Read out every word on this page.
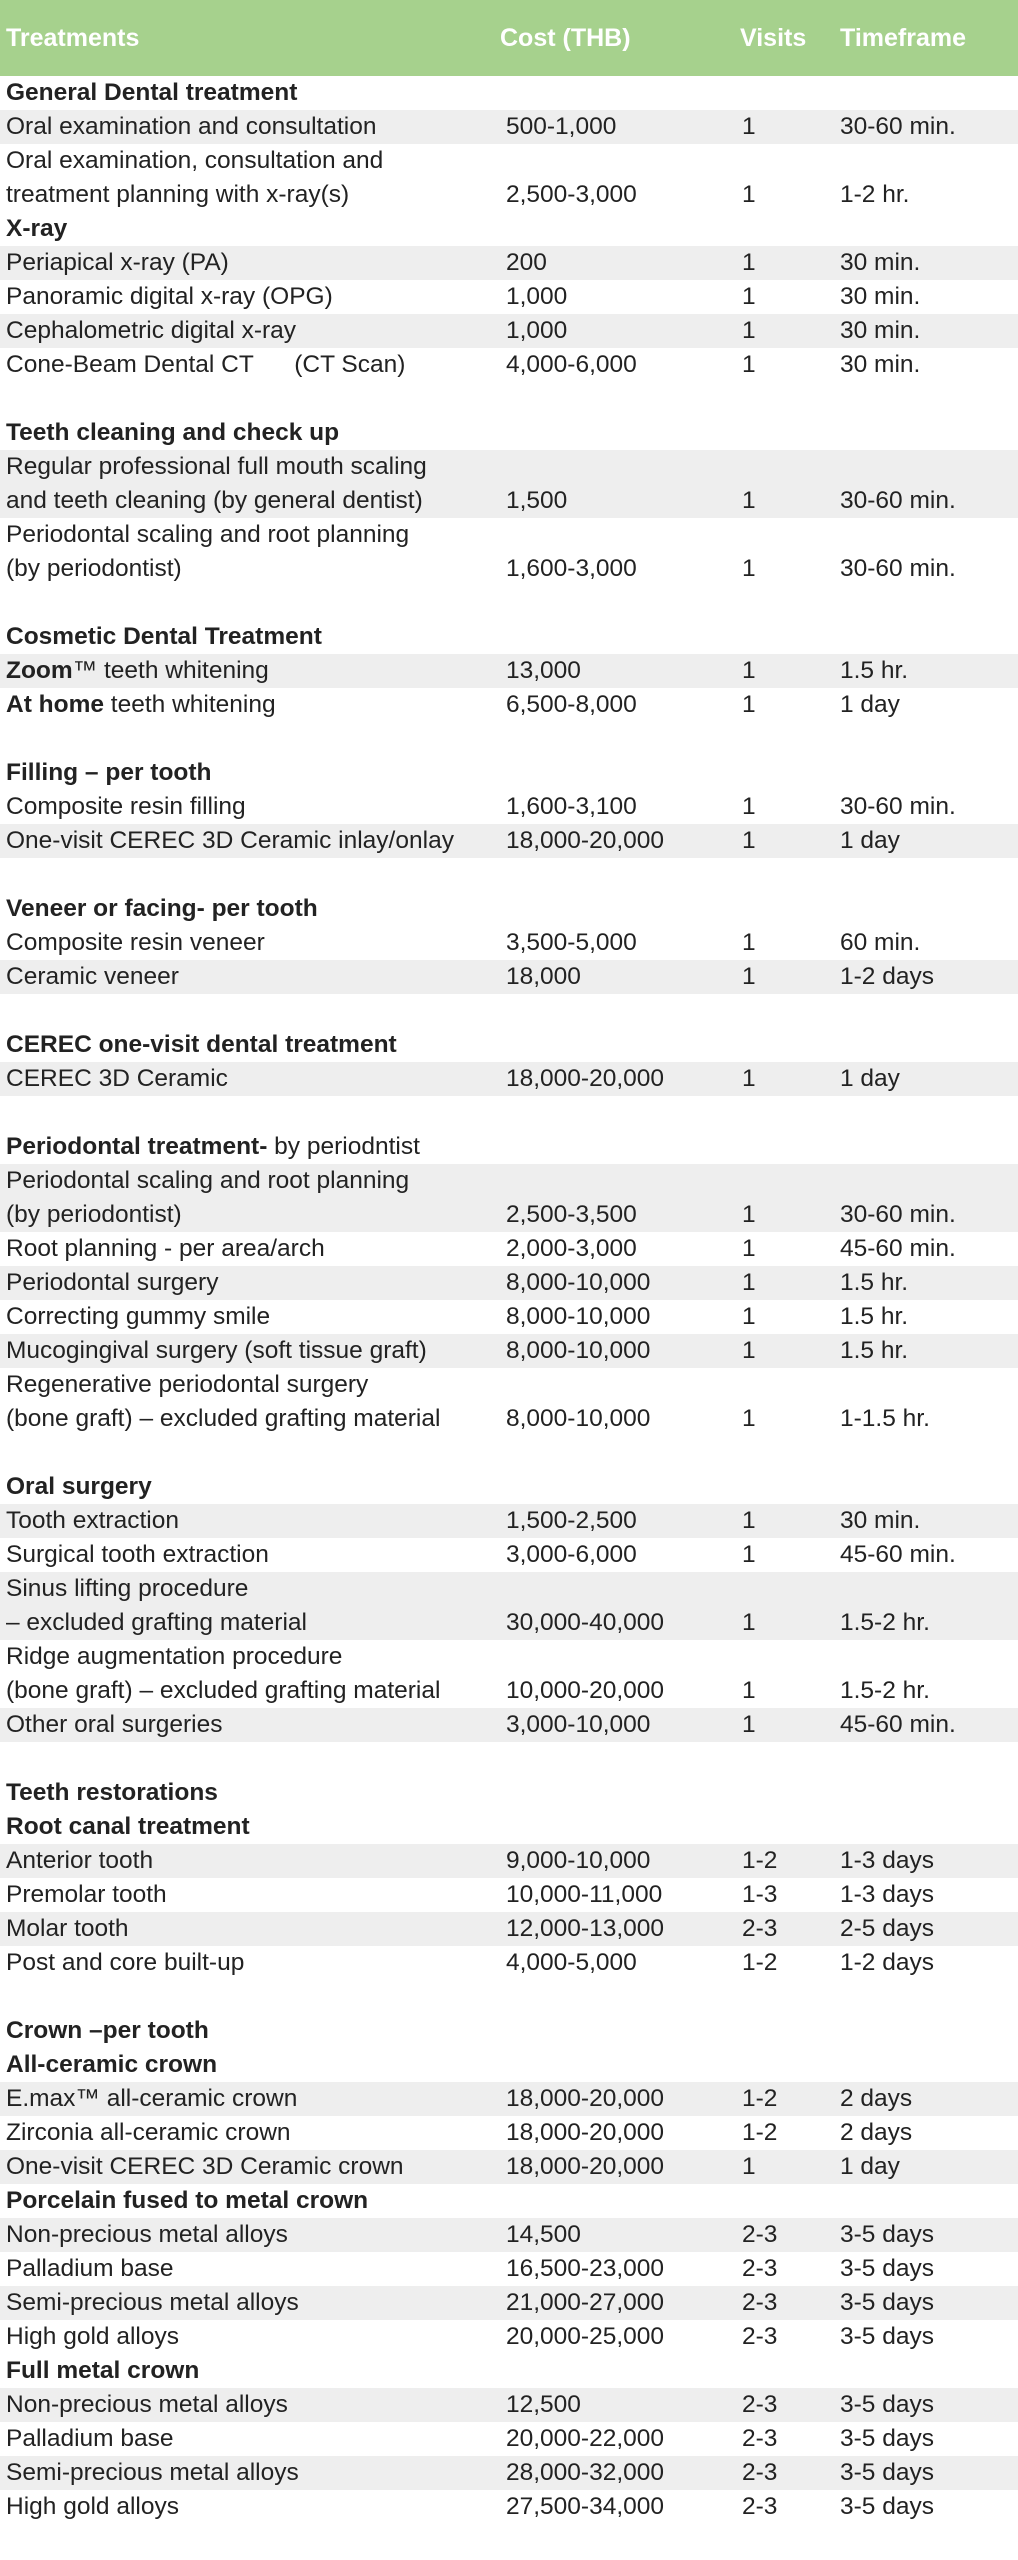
Treatments	Cost (THB)	Visits	Timeframe
General Dental treatment
Oral examination and consultation	500-1,000	1	30-60 min.
Oral examination, consultation and
treatment planning with x-ray(s)	2,500-3,000	1	1-2 hr.
X-ray
Periapical x-ray (PA)	200	1	30 min.
Panoramic digital x-ray (OPG)	1,000	1	30 min.
Cephalometric digital x-ray	1,000	1	30 min.
Cone-Beam Dental CT      (CT Scan)	4,000-6,000	1	30 min.
Teeth cleaning and check up
Regular professional full mouth scaling
and teeth cleaning (by general dentist)	1,500	1	30-60 min.
Periodontal scaling and root planning
(by periodontist)	1,600-3,000	1	30-60 min.
Cosmetic Dental Treatment
Zoom™ teeth whitening	13,000	1	1.5 hr.
At home teeth whitening	6,500-8,000	1	1 day
Filling – per tooth
Composite resin filling	1,600-3,100	1	30-60 min.
One-visit CEREC 3D Ceramic inlay/onlay	18,000-20,000	1	1 day
Veneer or facing- per tooth
Composite resin veneer	3,500-5,000	1	60 min.
Ceramic veneer	18,000	1	1-2 days
CEREC one-visit dental treatment
CEREC 3D Ceramic	18,000-20,000	1	1 day
Periodontal treatment- by periodntist
Periodontal scaling and root planning
(by periodontist)	2,500-3,500	1	30-60 min.
Root planning - per area/arch	2,000-3,000	1	45-60 min.
Periodontal surgery	8,000-10,000	1	1.5 hr.
Correcting gummy smile	8,000-10,000	1	1.5 hr.
Mucogingival surgery (soft tissue graft)	8,000-10,000	1	1.5 hr.
Regenerative periodontal surgery
(bone graft) – excluded grafting material	8,000-10,000	1	1-1.5 hr.
Oral surgery
Tooth extraction	1,500-2,500	1	30 min.
Surgical tooth extraction	3,000-6,000	1	45-60 min.
Sinus lifting procedure
– excluded grafting material	30,000-40,000	1	1.5-2 hr.
Ridge augmentation procedure
(bone graft) – excluded grafting material	10,000-20,000	1	1.5-2 hr.
Other oral surgeries	3,000-10,000	1	45-60 min.
Teeth restorations
Root canal treatment
Anterior tooth	9,000-10,000	1-2	1-3 days
Premolar tooth	10,000-11,000	1-3	1-3 days
Molar tooth	12,000-13,000	2-3	2-5 days
Post and core built-up	4,000-5,000	1-2	1-2 days
Crown –per tooth
All-ceramic crown
E.max™ all-ceramic crown	18,000-20,000	1-2	2 days
Zirconia all-ceramic crown	18,000-20,000	1-2	2 days
One-visit CEREC 3D Ceramic crown	18,000-20,000	1	1 day
Porcelain fused to metal crown
Non-precious metal alloys	14,500	2-3	3-5 days
Palladium base	16,500-23,000	2-3	3-5 days
Semi-precious metal alloys	21,000-27,000	2-3	3-5 days
High gold alloys	20,000-25,000	2-3	3-5 days
Full metal crown
Non-precious metal alloys	12,500	2-3	3-5 days
Palladium base	20,000-22,000	2-3	3-5 days
Semi-precious metal alloys	28,000-32,000	2-3	3-5 days
High gold alloys	27,500-34,000	2-3	3-5 days
